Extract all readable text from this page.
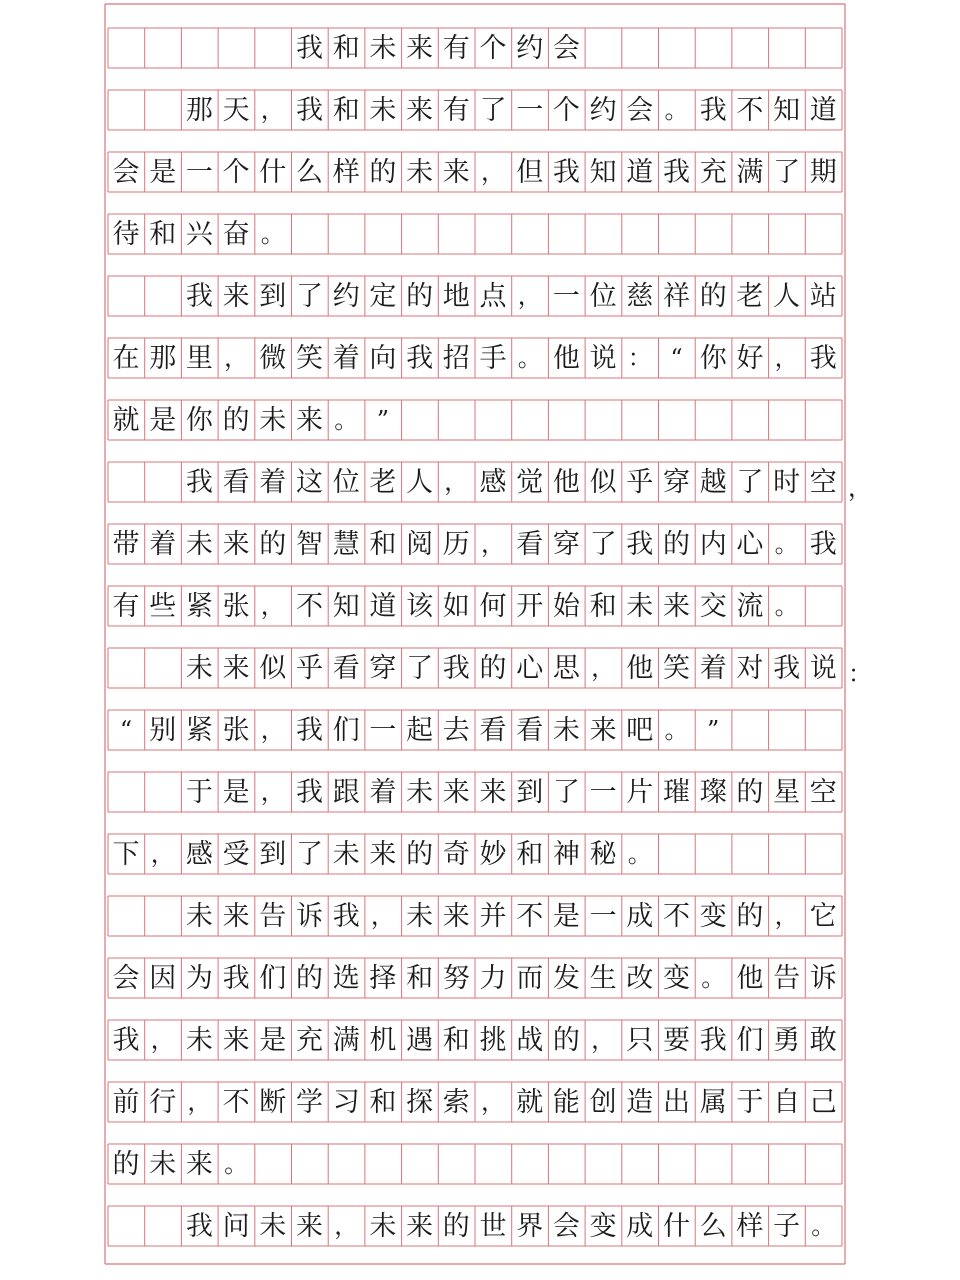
我 和 未 来 有 个 约 会
那 天 ， 我 和 未 来 有 了 一 个 约 会 。 我 不 知 道
会 是 一 个 什 么 样 的 未 来 ， 但 我 知 道 我 充 满 了 期
待 和 兴 奋 。
我 来 到 了 约 定 的 地 点 ， 一 位 慈 祥 的 老 人 站
在 那 里 ， 微 笑 着 向 我 招 手 。 他 说 ： “ 你 好 ， 我
就 是 你 的 未 来 。 ”
我 看 着 这 位 老 人 ， 感 觉 他 似 乎 穿 越 了 时 空 ，
带 着 未 来 的 智 慧 和 阅 历 ， 看 穿 了 我 的 内 心 。 我
有 些 紧 张 ， 不 知 道 该 如 何 开 始 和 未 来 交 流 。
未 来 似 乎 看 穿 了 我 的 心 思 ， 他 笑 着 对 我 说 ：
“ 别 紧 张 ， 我 们 一 起 去 看 看 未 来 吧 。 ”
于 是 ， 我 跟 着 未 来 来 到 了 一 片 璀 璨 的 星 空
下 ， 感 受 到 了 未 来 的 奇 妙 和 神 秘 。
未 来 告 诉 我 ， 未 来 并 不 是 一 成 不 变 的 ， 它
会 因 为 我 们 的 选 择 和 努 力 而 发 生 改 变 。 他 告 诉
我 ， 未 来 是 充 满 机 遇 和 挑 战 的 ， 只 要 我 们 勇 敢
前 行 ， 不 断 学 习 和 探 索 ， 就 能 创 造 出 属 于 自 己
的 未 来 。
我 问 未 来 ， 未 来 的 世 界 会 变 成 什 么 样 子 。
